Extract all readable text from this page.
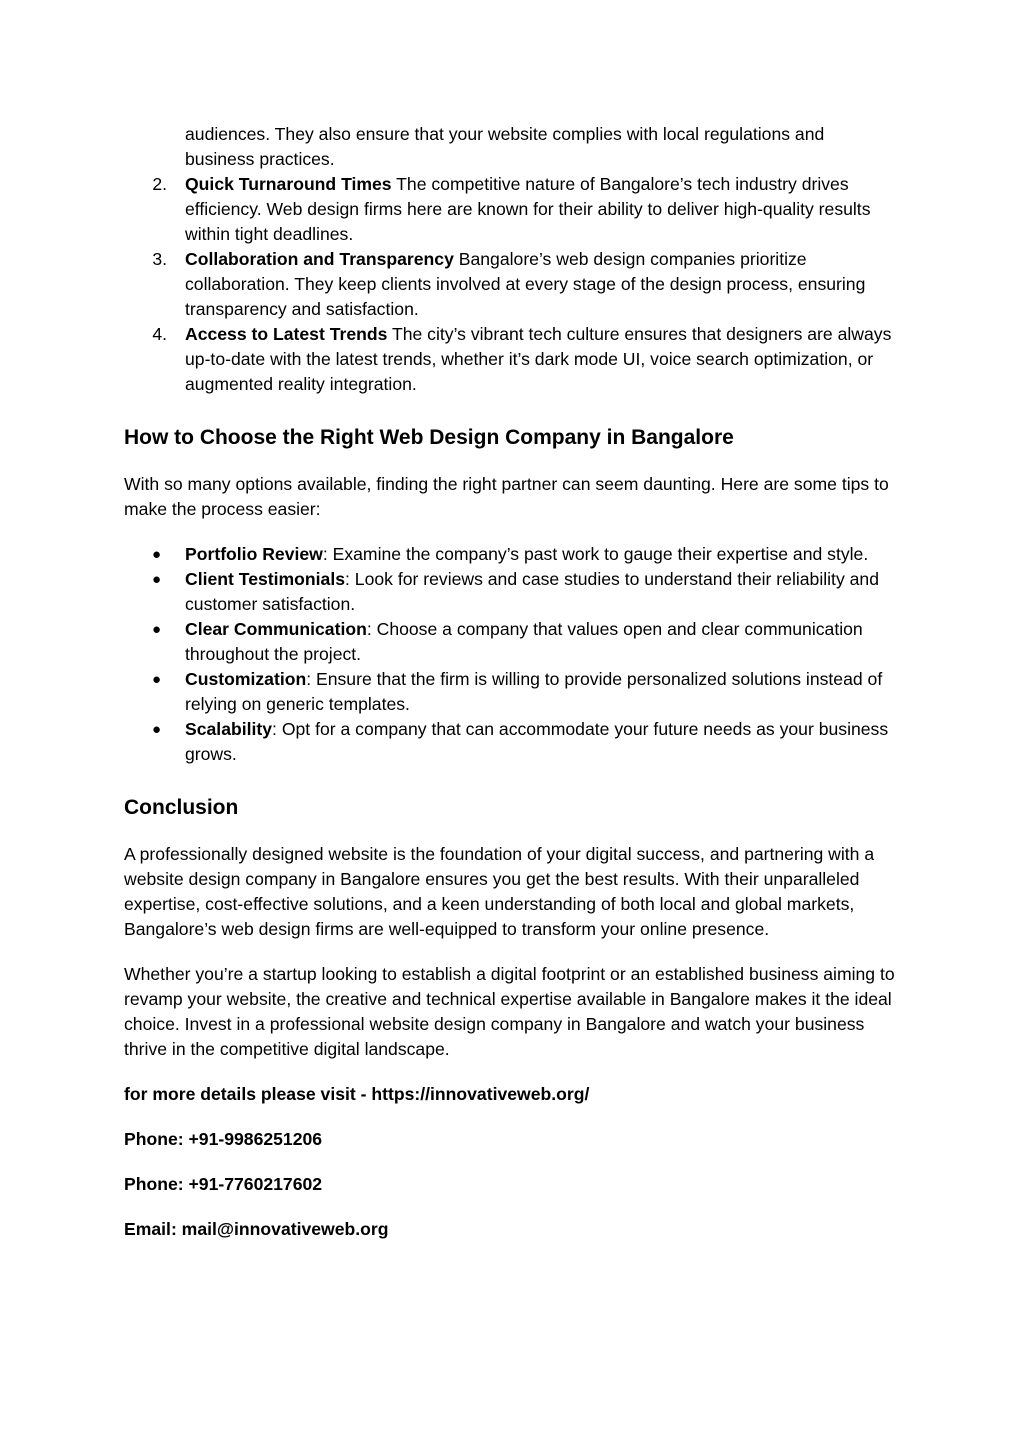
audiences. They also ensure that your website complies with local regulations and
business practices.
2. Quick Turnaround Times The competitive nature of Bangalore’s tech industry drives efficiency. Web design firms here are known for their ability to deliver high-quality results within tight deadlines.
3. Collaboration and Transparency Bangalore’s web design companies prioritize collaboration. They keep clients involved at every stage of the design process, ensuring transparency and satisfaction.
4. Access to Latest Trends The city’s vibrant tech culture ensures that designers are always up-to-date with the latest trends, whether it’s dark mode UI, voice search optimization, or augmented reality integration.
How to Choose the Right Web Design Company in Bangalore

With so many options available, finding the right partner can seem daunting. Here are some tips to make the process easier:

●	Portfolio Review: Examine the company’s past work to gauge their expertise and style.
●	Client Testimonials: Look for reviews and case studies to understand their reliability and customer satisfaction.
●	Clear Communication: Choose a company that values open and clear communication throughout the project.
●	Customization: Ensure that the firm is willing to provide personalized solutions instead of relying on generic templates.
●	Scalability: Opt for a company that can accommodate your future needs as your business grows.
Conclusion

A professionally designed website is the foundation of your digital success, and partnering with a website design company in Bangalore ensures you get the best results. With their unparalleled expertise, cost-effective solutions, and a keen understanding of both local and global markets, Bangalore’s web design firms are well-equipped to transform your online presence.

Whether you’re a startup looking to establish a digital footprint or an established business aiming to revamp your website, the creative and technical expertise available in Bangalore makes it the ideal choice. Invest in a professional website design company in Bangalore and watch your business thrive in the competitive digital landscape.

for more details please visit - https://innovativeweb.org/

Phone: +91-9986251206

Phone: +91-7760217602

Email: mail@innovativeweb.org
